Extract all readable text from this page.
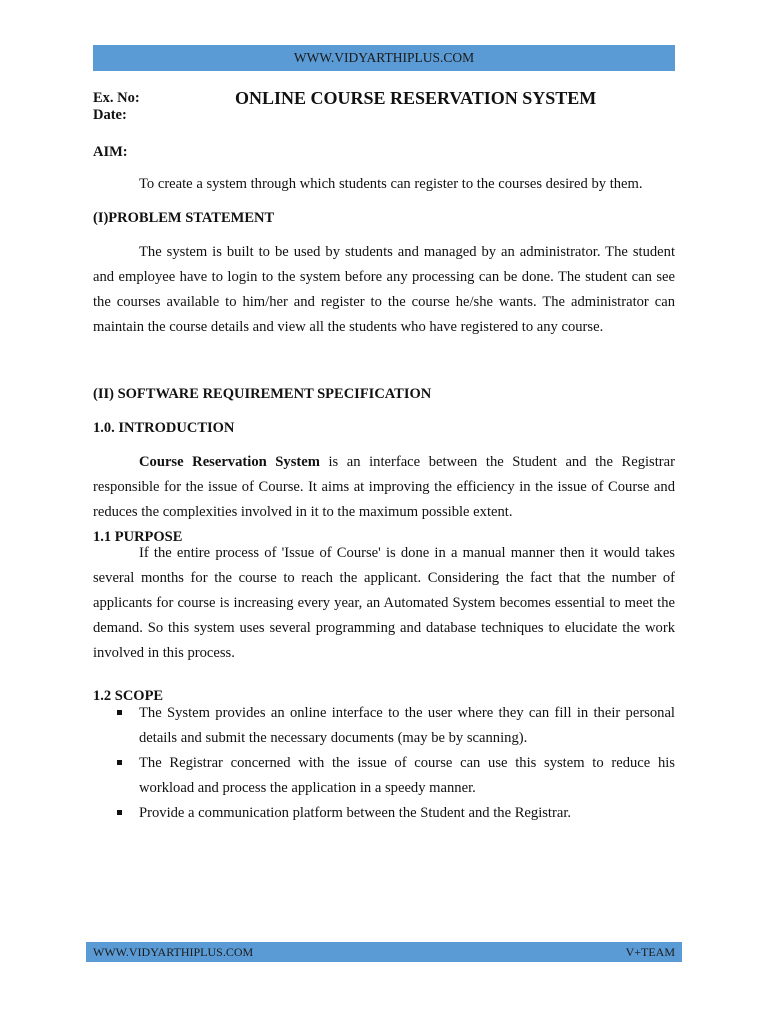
WWW.VIDYARTHIPLUS.COM
Ex. No:
Date:
ONLINE COURSE RESERVATION SYSTEM
AIM:

To create a system through which students can register to the courses desired by them.

(I)PROBLEM STATEMENT

The system is built to be used by students and managed by an administrator. The student and employee have to login to the system before any processing can be done. The student can see the courses available to him/her and register to the course he/she wants. The administrator can maintain the course details and view all the students who have registered to any course.

(II) SOFTWARE REQUIREMENT SPECIFICATION
1.0. INTRODUCTION

Course Reservation System is an interface between the Student and the Registrar responsible for the issue of Course. It aims at improving the efficiency in the issue of Course and reduces the complexities involved in it to the maximum possible extent.

1.1 PURPOSE

If the entire process of 'Issue of Course' is done in a manual manner then it would takes several months for the course to reach the applicant. Considering the fact that the number of applicants for course is increasing every year, an Automated System becomes essential to meet the demand. So this system uses several programming and database techniques to elucidate the work involved in this process.

1.2 SCOPE
The System provides an online interface to the user where they can fill in their personal details and submit the necessary documents (may be by scanning).
The Registrar concerned with the issue of course can use this system to reduce his workload and process the application in a speedy manner.
Provide a communication platform between the Student and the Registrar.
WWW.VIDYARTHIPLUS.COM	V+TEAM
